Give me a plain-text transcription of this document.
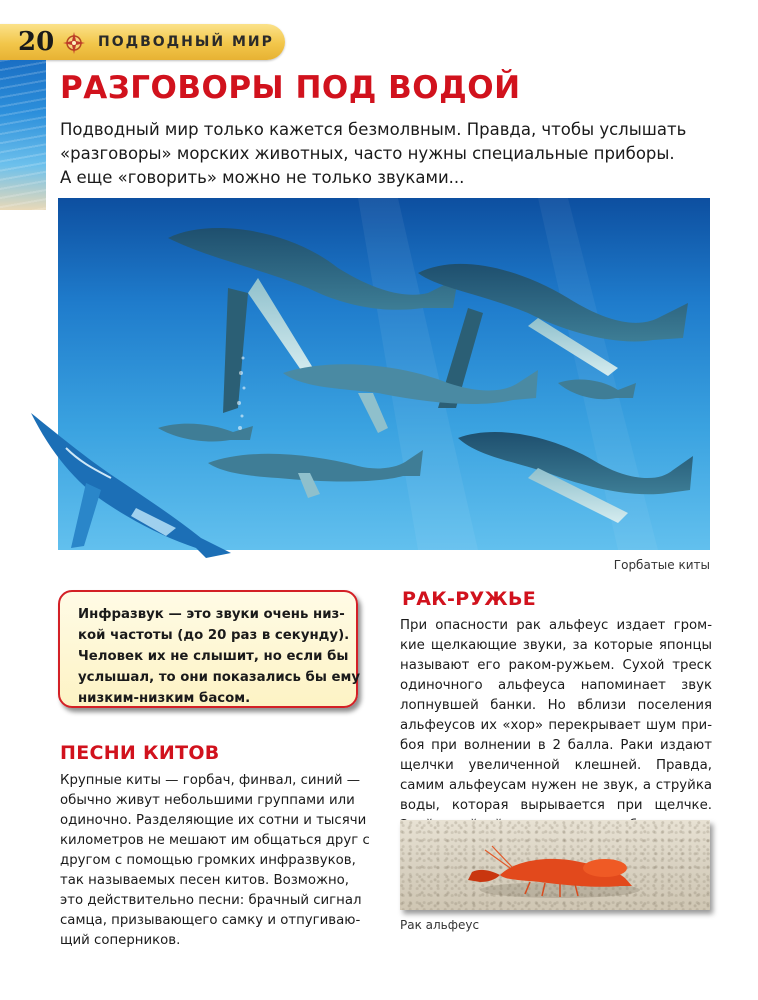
20	ПОДВОДНЫЙ МИР
РАЗГОВОРЫ ПОД ВОДОЙ

Подводный мир только кажется безмолвным. Правда, чтобы услышать
«разговоры» морских животных, часто нужны специальные приборы.
А еще «говорить» можно не только звуками...

Горбатые киты

Инфразвук — это звуки очень низ-
кой частоты (до 20 раз в секунду).
Человек их не слышит, но если бы
услышал, то они показались бы ему
низким-низким басом.

ПЕСНИ КИТОВ

Крупные киты — горбач, финвал, синий —
обычно живут небольшими группами или
одиночно. Разделяющие их сотни и тысячи
километров не мешают им общаться друг с
другом с помощью громких инфразвуков,
так называемых песен китов. Возможно,
это действительно песни: брачный сигнал
самца, призывающего самку и отпугиваю-
щий соперников.

РАК-РУЖЬЕ

При опасности рак альфеус издает гром-
кие щелкающие звуки, за которые японцы
называют его раком-ружьем. Сухой треск
одиночного альфеуса напоминает звук
лопнувшей банки. Но вблизи поселения
альфеусов их «хор» перекрывает шум при-
боя при волнении в 2 балла. Раки издают
щелчки увеличенной клешней. Правда,
самим альфеусам нужен не звук, а струйка
воды, которая вырывается при щелчке.

Рак альфеус
